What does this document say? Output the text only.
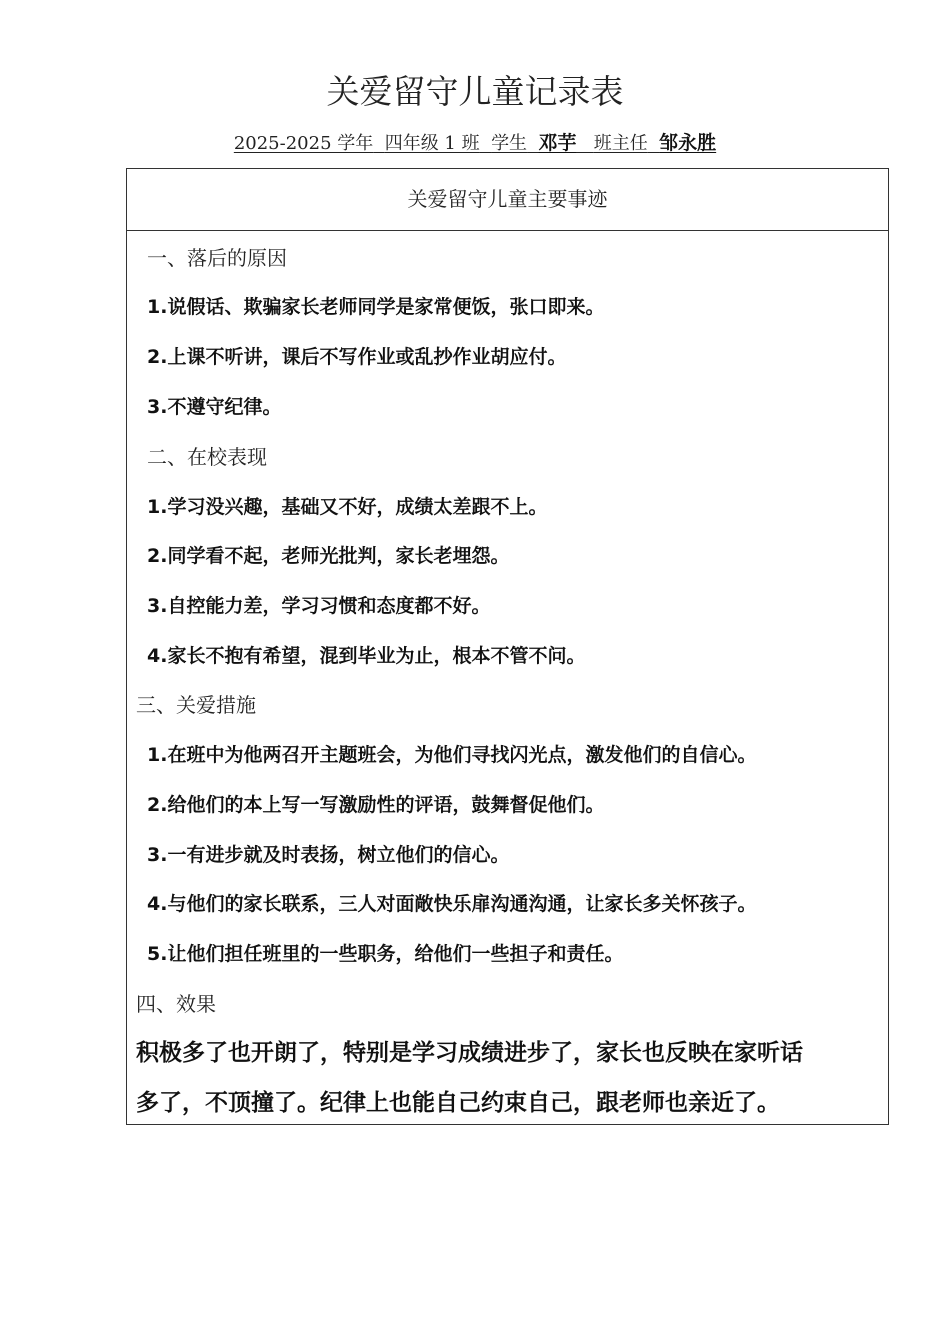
关爱留守儿童记录表
2025-2025 学年 四年级 1 班 学生 邓芋 班主任 邹永胜
关爱留守儿童主要事迹
一、落后的原因
1.说假话、欺骗家长老师同学是家常便饭，张口即来。
2.上课不听讲，课后不写作业或乱抄作业胡应付。
3.不遵守纪律。
二、在校表现
1.学习没兴趣，基础又不好，成绩太差跟不上。
2.同学看不起，老师光批判，家长老埋怨。
3.自控能力差，学习习惯和态度都不好。
4.家长不抱有希望，混到毕业为止，根本不管不问。
三、关爱措施
1.在班中为他两召开主题班会，为他们寻找闪光点，激发他们的自信心。
2.给他们的本上写一写激励性的评语，鼓舞督促他们。
3.一有进步就及时表扬，树立他们的信心。
4.与他们的家长联系，三人对面敞快乐扉沟通沟通，让家长多关怀孩子。
5.让他们担任班里的一些职务，给他们一些担子和责任。
四、效果
积极多了也开朗了，特别是学习成绩进步了，家长也反映在家听话
多了，不顶撞了。纪律上也能自己约束自己，跟老师也亲近了。
